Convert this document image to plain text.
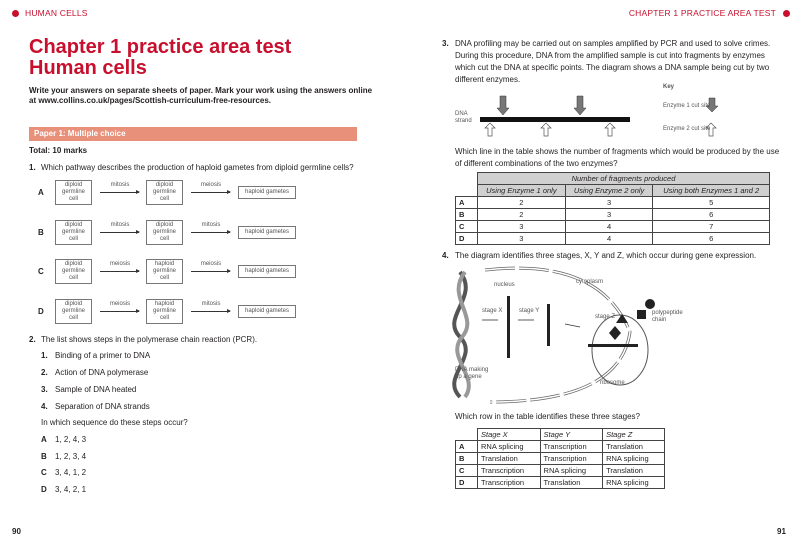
HUMAN CELLS
Chapter 1 practice area test
Human cells
Write your answers on separate sheets of paper. Mark your work using the answers online
at www.collins.co.uk/pages/Scottish-curriculum-free-resources.
Paper 1: Multiple choice
Total: 10 marks
1. Which pathway describes the production of haploid gametes from diploid germline cells?
A
diploid germline cell
mitosis	diploid germline cell
meiosis
haploid gametes
B
diploid germline cell
mitosis	diploid germline cell
mitosis
haploid gametes
C
diploid germline cell
meiosis	haploid germline cell
meiosis
haploid gametes
D
diploid germline cell
meiosis	haploid germline cell
mitosis
haploid gametes
2. The list shows steps in the polymerase chain reaction (PCR).
1. Binding of a primer to DNA
2. Action of DNA polymerase
3. Sample of DNA heated
4. Separation of DNA strands
In which sequence do these steps occur?
A 1, 2, 4, 3
B 1, 2, 3, 4
C 3, 4, 1, 2
D 3, 4, 2, 1
90
CHAPTER 1 PRACTICE AREA TEST
3. DNA profiling may be carried out on samples amplified by PCR and used to solve crimes.
During this procedure, DNA from the amplified sample is cut into fragments by enzymes
which cut the DNA at specific points. The diagram shows a DNA sample being cut by two
different enzymes.
DNA
strand
Key
Enzyme 1 cut site
Enzyme 2 cut site
Which line in the table shows the number of fragments which would be produced by the use
of different combinations of the two enzymes?
	Number of fragments produced		
	Using Enzyme 1 only	Using Enzyme 2 only	Using both Enzymes 1 and 2
A	2	3	5
B	2	3	6
C	3	4	7
D	3	4	6
4. The diagram identifies three stages, X, Y and Z, which occur during gene expression.
nucleus	cytoplasm
stage X	stage Y
stage Z
polypeptide
chain
DNA making
up a gene
ribosome
Which row in the table identifies these three stages?
	Stage X	Stage Y	Stage Z
A	RNA splicing	Transcription	Translation
B	Translation	Transcription	RNA splicing
C	Transcription	RNA splicing	Translation
D	Transcription	Translation	RNA splicing
91
